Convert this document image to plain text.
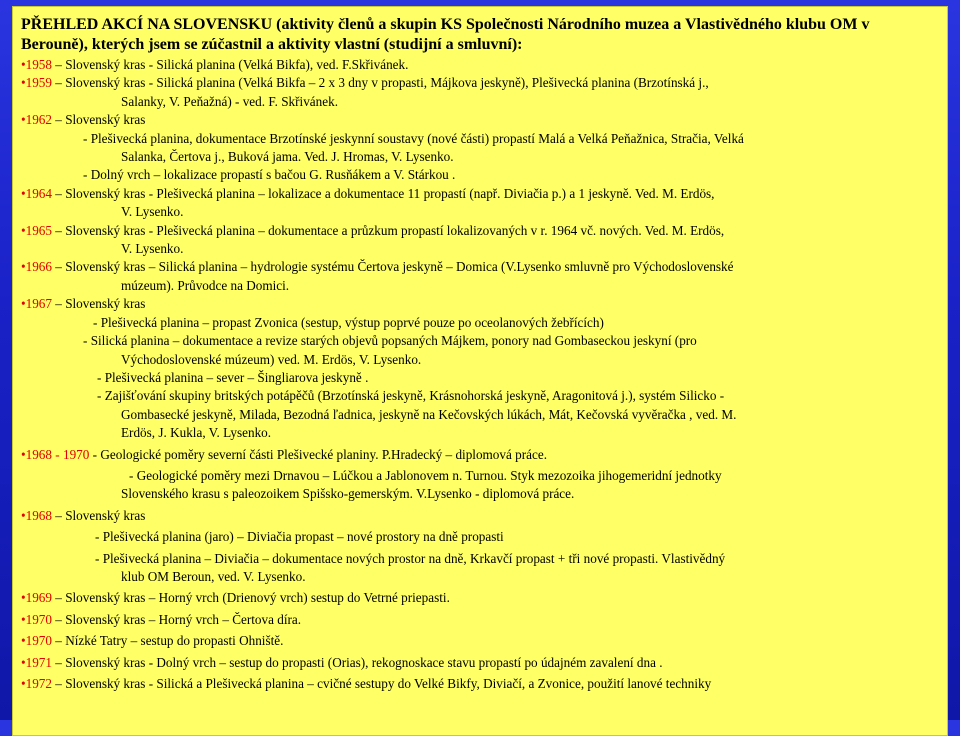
PŘEHLED AKCÍ NA SLOVENSKU (aktivity členů a skupin KS Společnosti Národního muzea a Vlastivědného klubu OM v Berouně), kterých jsem se zúčastnil a aktivity vlastní (studijní a smluvní):
•1958 – Slovenský kras - Silická planina (Velká Bikfa), ved. F.Skřivánek.
•1959 – Slovenský kras - Silická planina (Velká Bikfa – 2 x 3 dny v propasti, Májkova jeskyně), Plešivecká planina (Brzotínská j.,
Salanky, V. Peňažná) - ved. F. Skřivánek.
•1962 – Slovenský kras
- Plešivecká planina, dokumentace Brzotínské jeskynní soustavy (nové části) propastí Malá a Velká Peňažnica, Stračia, Velká
Salanka, Čertova j., Buková jama. Ved. J. Hromas, V. Lysenko.
- Dolný vrch – lokalizace propastí s bačou G. Rusňákem a V. Stárkou .
•1964 – Slovenský kras - Plešivecká planina – lokalizace a dokumentace 11 propastí (např. Diviačia p.) a 1 jeskyně. Ved. M. Erdös,
V. Lysenko.
•1965 – Slovenský kras - Plešivecká planina – dokumentace a průzkum propastí lokalizovaných v r. 1964 vč. nových. Ved. M. Erdös,
V. Lysenko.
•1966 – Slovenský kras – Silická planina – hydrologie systému Čertova jeskyně – Domica (V.Lysenko smluvně pro Východoslovenské
múzeum). Průvodce na Domici.
•1967 – Slovenský kras
- Plešivecká planina – propast Zvonica (sestup, výstup poprvé pouze po oceolanových žebřících)
- Silická planina – dokumentace a revize starých objevů popsaných Májkem, ponory nad Gombaseckou jeskyní (pro
Východoslovenské múzeum) ved. M. Erdös, V. Lysenko.
- Plešivecká planina – sever – Šingliarova jeskyně .
- Zajišťování skupiny britských potápěčů (Brzotínská jeskyně, Krásnohorská jeskyně, Aragonitová j.), systém Silicko -
Gombasecké jeskyně, Milada, Bezodná ľadnica, jeskyně na Kečovských lúkách, Mát, Kečovská vyvěračka , ved. M.
Erdös, J. Kukla, V. Lysenko.
•1968 - 1970 - Geologické poměry severní části Plešivecké planiny. P.Hradecký – diplomová práce.
- Geologické poměry mezi Drnavou – Lúčkou a Jablonovem n. Turnou. Styk mezozoika jihogemeridní jednotky
Slovenského krasu s paleozoikem Spišsko-gemerským. V.Lysenko - diplomová práce.
•1968 – Slovenský kras
- Plešivecká planina (jaro) – Diviačia propast – nové prostory na dně propasti
- Plešivecká planina – Diviačia – dokumentace nových prostor na dně, Krkavčí propast + tři nové propasti. Vlastivědný
klub OM Beroun, ved. V. Lysenko.
•1969 – Slovenský kras – Horný vrch (Drienový vrch) sestup do Vetrné priepasti.
•1970 – Slovenský kras – Horný vrch – Čertova díra.
•1970 – Nízké Tatry – sestup do propasti Ohniště.
•1971 – Slovenský kras - Dolný vrch – sestup do propasti (Orias), rekognoskace stavu propastí po údajném zavalení dna .
•1972 – Slovenský kras - Silická a Plešivecká planina – cvičné sestupy do Velké Bikfy, Diviačí, a Zvonice, použití lanové techniky
